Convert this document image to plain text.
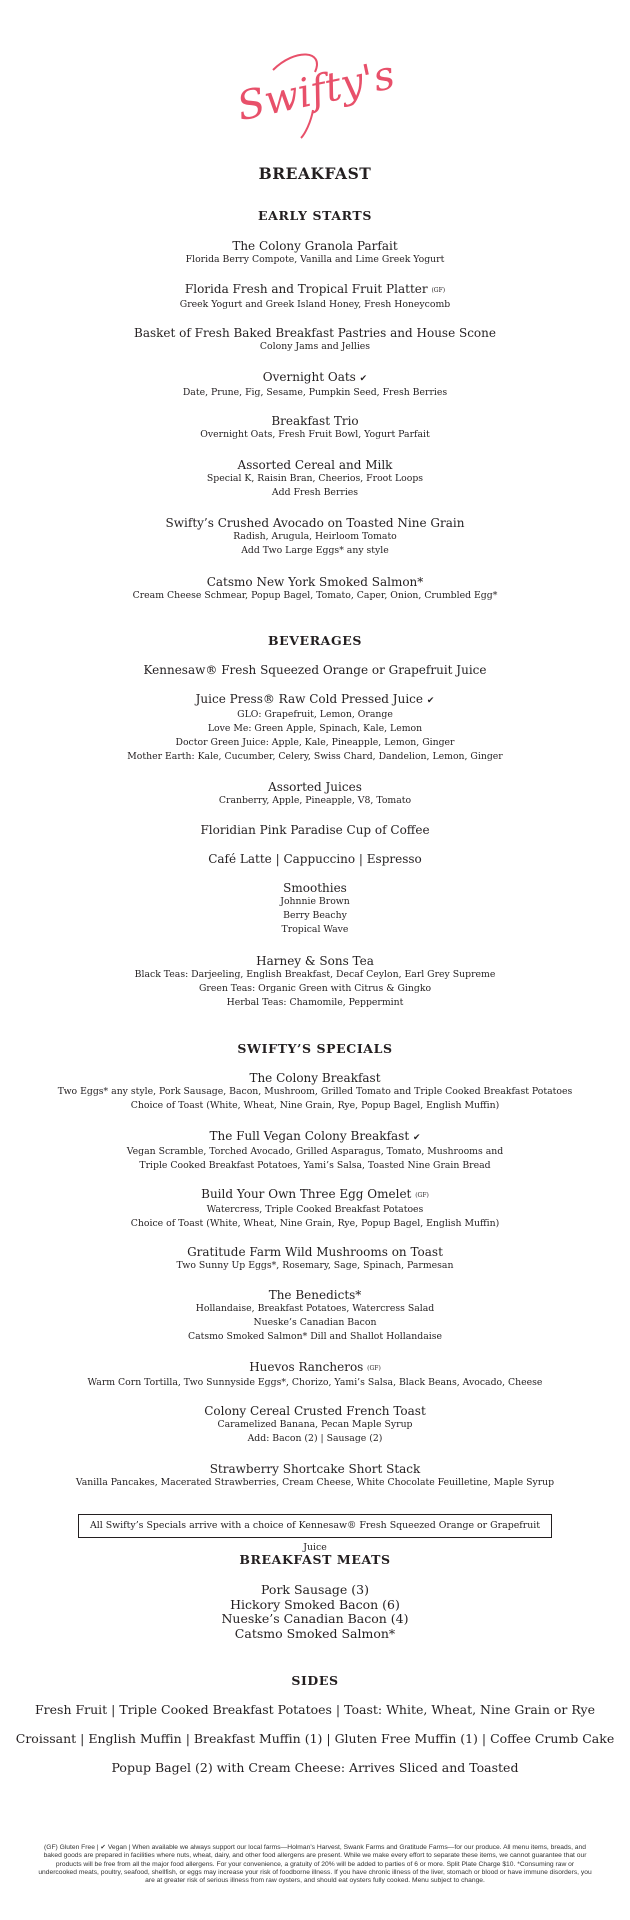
Swifty's
BREAKFAST
EARLY STARTS

The Colony Granola Parfait

Florida Berry Compote, Vanilla and Lime Greek Yogurt

Florida Fresh and Tropical Fruit Platter (GF)

Greek Yogurt and Greek Island Honey, Fresh Honeycomb

Basket of Fresh Baked Breakfast Pastries and House Scone

Colony Jams and Jellies

Overnight Oats ✔

Date, Prune, Fig, Sesame, Pumpkin Seed, Fresh Berries

Breakfast Trio

Overnight Oats, Fresh Fruit Bowl, Yogurt Parfait

Assorted Cereal and Milk

Special K, Raisin Bran, Cheerios, Froot Loops

Add Fresh Berries

Swifty’s Crushed Avocado on Toasted Nine Grain

Radish, Arugula, Heirloom Tomato

Add Two Large Eggs* any style

Catsmo New York Smoked Salmon*

Cream Cheese Schmear, Popup Bagel, Tomato, Caper, Onion, Crumbled Egg*

BEVERAGES

Kennesaw® Fresh Squeezed Orange or Grapefruit Juice

Juice Press® Raw Cold Pressed Juice ✔

GLO: Grapefruit, Lemon, Orange

Love Me: Green Apple, Spinach, Kale, Lemon

Doctor Green Juice: Apple, Kale, Pineapple, Lemon, Ginger

Mother Earth: Kale, Cucumber, Celery, Swiss Chard, Dandelion, Lemon, Ginger

Assorted Juices

Cranberry, Apple, Pineapple, V8, Tomato

Floridian Pink Paradise Cup of Coffee

Café Latte | Cappuccino | Espresso

Smoothies

Johnnie Brown

Berry Beachy

Tropical Wave

Harney & Sons Tea

Black Teas: Darjeeling, English Breakfast, Decaf Ceylon, Earl Grey Supreme

Green Teas: Organic Green with Citrus & Gingko

Herbal Teas: Chamomile, Peppermint

SWIFTY’S SPECIALS

The Colony Breakfast

Two Eggs* any style, Pork Sausage, Bacon, Mushroom, Grilled Tomato and Triple Cooked Breakfast Potatoes

Choice of Toast (White, Wheat, Nine Grain, Rye, Popup Bagel, English Muffin)

The Full Vegan Colony Breakfast ✔

Vegan Scramble, Torched Avocado, Grilled Asparagus, Tomato, Mushrooms and

Triple Cooked Breakfast Potatoes, Yami’s Salsa, Toasted Nine Grain Bread

Build Your Own Three Egg Omelet (GF)

Watercress, Triple Cooked Breakfast Potatoes

Choice of Toast (White, Wheat, Nine Grain, Rye, Popup Bagel, English Muffin)

Gratitude Farm Wild Mushrooms on Toast

Two Sunny Up Eggs*, Rosemary, Sage, Spinach, Parmesan

The Benedicts*

Hollandaise, Breakfast Potatoes, Watercress Salad

Nueske’s Canadian Bacon

Catsmo Smoked Salmon* Dill and Shallot Hollandaise

Huevos Rancheros (GF)

Warm Corn Tortilla, Two Sunnyside Eggs*, Chorizo, Yami’s Salsa, Black Beans, Avocado, Cheese

Colony Cereal Crusted French Toast

Caramelized Banana, Pecan Maple Syrup

Add: Bacon (2) | Sausage (2)

Strawberry Shortcake Short Stack

Vanilla Pancakes, Macerated Strawberries, Cream Cheese, White Chocolate Feuilletine, Maple Syrup

All Swifty’s Specials arrive with a choice of Kennesaw® Fresh Squeezed Orange or Grapefruit Juice
BREAKFAST MEATS

Pork Sausage (3)

Hickory Smoked Bacon (6)

Nueske’s Canadian Bacon (4)

Catsmo Smoked Salmon*

SIDES

Fresh Fruit | Triple Cooked Breakfast Potatoes | Toast: White, Wheat, Nine Grain or Rye

Croissant | English Muffin | Breakfast Muffin (1) | Gluten Free Muffin (1) | Coffee Crumb Cake

Popup Bagel (2) with Cream Cheese: Arrives Sliced and Toasted

(GF) Gluten Free | ✔ Vegan | When available we always support our local farms—Holman’s Harvest, Swank Farms and Gratitude Farms—for our produce. All menu items, breads, and baked goods are prepared in facilities where nuts, wheat, dairy, and other food allergens are present. While we make every effort to separate these items, we cannot guarantee that our products will be free from all the major food allergens. For your convenience, a gratuity of 20% will be added to parties of 6 or more. Split Plate Charge $10. *Consuming raw or undercooked meats, poultry, seafood, shellfish, or eggs may increase your risk of foodborne illness. If you have chronic illness of the liver, stomach or blood or have immune disorders, you are at greater risk of serious illness from raw oysters, and should eat oysters fully cooked. Menu subject to change.
